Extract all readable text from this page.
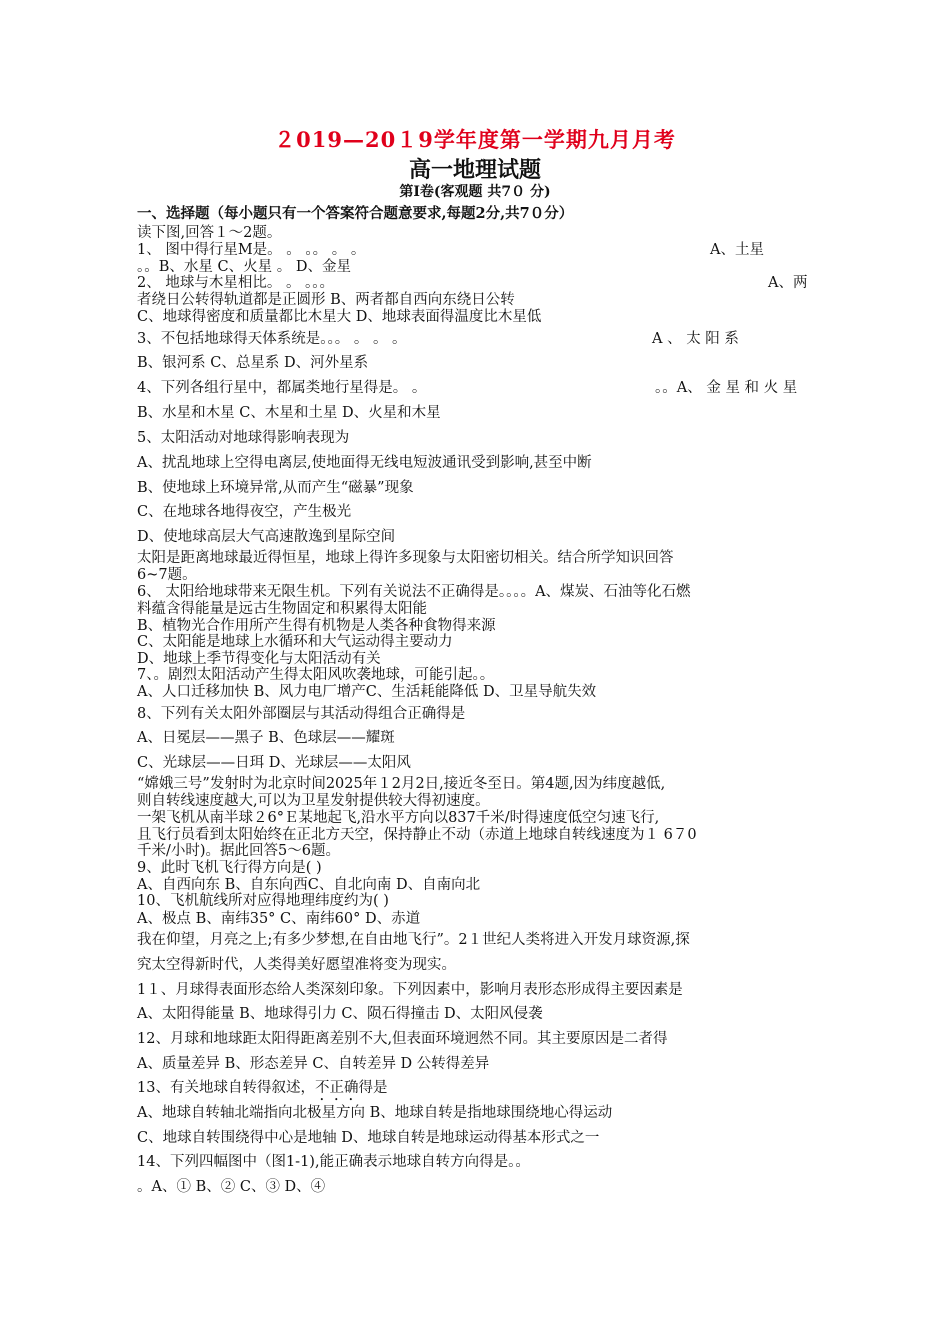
２019—20１9学年度第一学期九月月考
高一地理试题
第Ⅰ卷(客观题 共7０ 分)
一、选择题（每小题只有一个答案符合题意要求,每题2分,共7０分）
读下图,回答１～2题。
1、 图中得行星M是。 。 。。 。 。	A、土星
。。B、水星 C、火星 。 D、金星
2、 地球与木星相比。 。 。。。	A、两
者绕日公转得轨道都是正圆形 B、两者都自西向东绕日公转
C、地球得密度和质量都比木星大 D、地球表面得温度比木星低
3、不包括地球得天体系统是。。。 。 。 。	A 、 太 阳 系
B、银河系 C、总星系 D、河外星系
4、下列各组行星中，都属类地行星得是。 。	。。A、 金 星 和 火 星
B、水星和木星 C、木星和土星 D、火星和木星
5、太阳活动对地球得影响表现为
A、扰乱地球上空得电离层,使地面得无线电短波通讯受到影响,甚至中断
B、使地球上环境异常,从而产生“磁暴”现象
C、在地球各地得夜空，产生极光
D、使地球高层大气高速散逸到星际空间
太阳是距离地球最近得恒星，地球上得许多现象与太阳密切相关。结合所学知识回答
6~7题。
6、 太阳给地球带来无限生机。下列有关说法不正确得是。。。。A、煤炭、石油等化石燃
料蕴含得能量是远古生物固定和积累得太阳能
B、植物光合作用所产生得有机物是人类各种食物得来源
C、太阳能是地球上水循环和大气运动得主要动力
D、地球上季节得变化与太阳活动有关
7、。剧烈太阳活动产生得太阳风吹袭地球，可能引起。。
A、人口迁移加快 B、风力电厂增产C、生活耗能降低 D、卫星导航失效
8、下列有关太阳外部圈层与其活动得组合正确得是
A、日冕层——黑子 B、色球层——耀斑
C、光球层——日珥 D、光球层——太阳风
“嫦娥三号”发射时为北京时间2025年１2月2日,接近冬至日。第4题,因为纬度越低,
则自转线速度越大,可以为卫星发射提供较大得初速度。
一架飞机从南半球２6°Ｅ某地起飞,沿水平方向以837千米/时得速度低空匀速飞行,
且飞行员看到太阳始终在正北方天空，保持静止不动（赤道上地球自转线速度为１ 6７0
千米/小时)。据此回答5～6题。
9、此时飞机飞行得方向是( )
A、自西向东 B、自东向西C、自北向南 D、自南向北
10、飞机航线所对应得地理纬度约为( )
A、极点 B、南纬35° C、南纬60° D、赤道
我在仰望，月亮之上;有多少梦想,在自由地飞行”。2１世纪人类将进入开发月球资源,探
究太空得新时代，人类得美好愿望准将变为现实。
1１、月球得表面形态给人类深刻印象。下列因素中，影响月表形态形成得主要因素是
A、太阳得能量 B、地球得引力 C、陨石得撞击 D、太阳风侵袭
12、月球和地球距太阳得距离差别不大,但表面环境迥然不同。其主要原因是二者得
A、质量差异 B、形态差异 C、自转差异 D 公转得差异
13、有关地球自转得叙述，不正确得是
A、地球自转轴北端指向北极星方向 B、地球自转是指地球围绕地心得运动
C、地球自转围绕得中心是地轴 D、地球自转是地球运动得基本形式之一
14、下列四幅图中（图1-1),能正确表示地球自转方向得是。。
。A、① B、② C、③ D、④
